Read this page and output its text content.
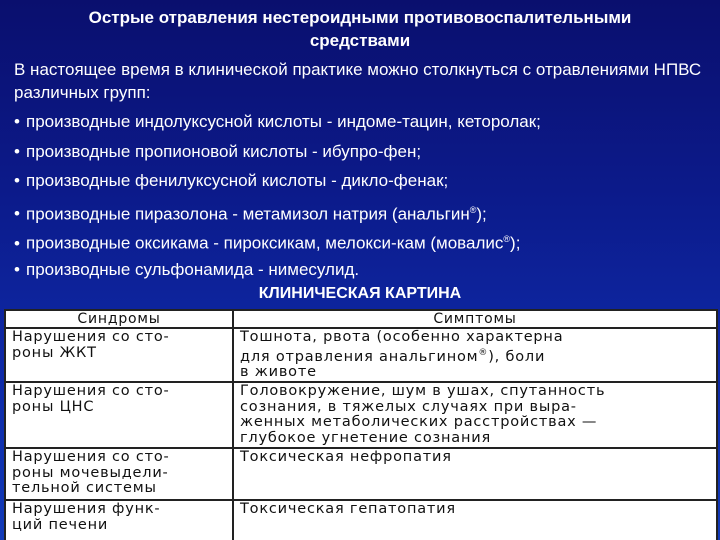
Острые отравления нестероидными противовоспалительными
средствами
В настоящее время в клинической практике можно столкнуться с отравлениями НПВС различных групп:
• производные индолуксусной кислоты - индоме-тацин, кеторолак;
• производные пропионовой кислоты - ибупро-фен;
• производные фенилуксусной кислоты - дикло-фенак;
• производные пиразолона - метамизол натрия (анальгин®);
• производные оксикама - пироксикам, мелокси-кам (мовалис®);
• производные сульфонамида - нимесулид.
КЛИНИЧЕСКАЯ КАРТИНА
Синдромы	Симптомы

Нарушения со сто-
роны ЖКТ	Тошнота, рвота (особенно характерна
для отравления анальгином®), боли
в животе

Нарушения со сто-
роны ЦНС	Головокружение, шум в ушах, спутанность
сознания, в тяжелых случаях при выра-
женных метаболических расстройствах —
глубокое угнетение сознания

Нарушения со сто-
роны мочевыдели-
тельной системы	Токсическая нефропатия

Нарушения функ-
ций печени	Токсическая гепатопатия
